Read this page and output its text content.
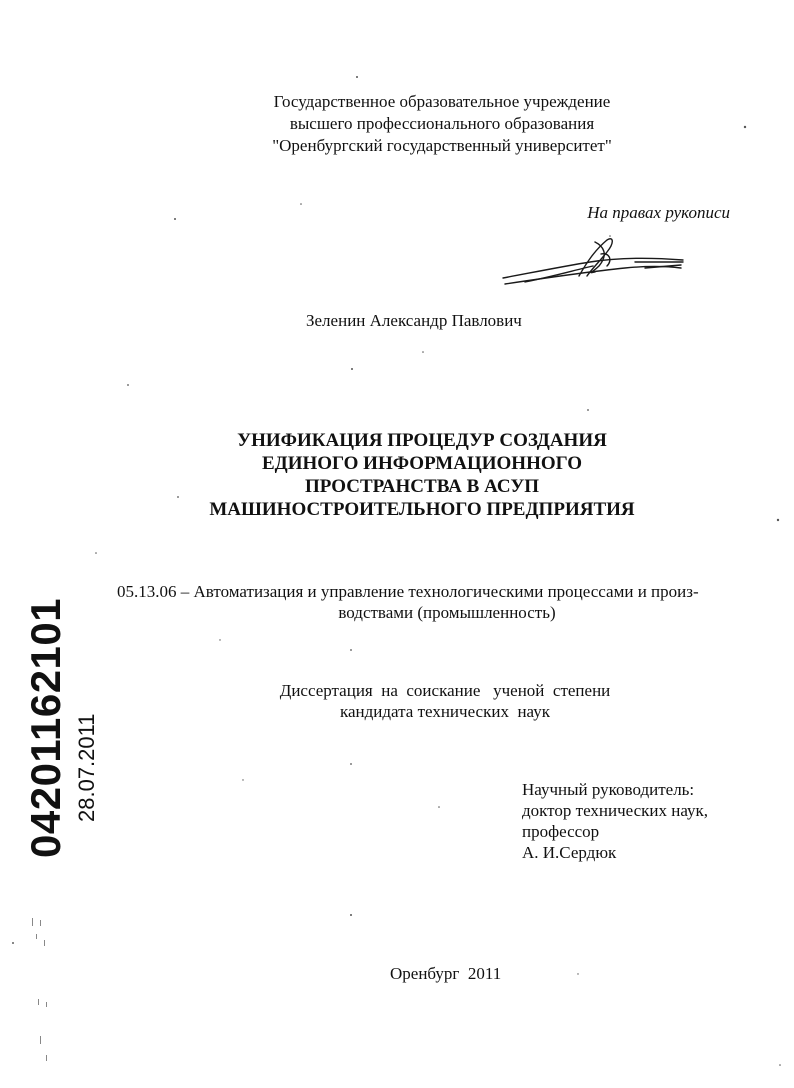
Государственное образовательное учреждение
высшего профессионального образования
"Оренбургский государственный университет"
На правах рукописи
Зеленин Александр Павлович
УНИФИКАЦИЯ ПРОЦЕДУР СОЗДАНИЯ
ЕДИНОГО ИНФОРМАЦИОННОГО
ПРОСТРАНСТВА В АСУП
МАШИНОСТРОИТЕЛЬНОГО ПРЕДПРИЯТИЯ
05.13.06 – Автоматизация и управление технологическими процессами и произ-
водствами (промышленность)
Диссертация  на  соискание   ученой  степени
кандидата технических  наук
Научный руководитель:
доктор технических наук,
профессор
А. И.Сердюк
Оренбург  2011
04201162101 28.07.2011
